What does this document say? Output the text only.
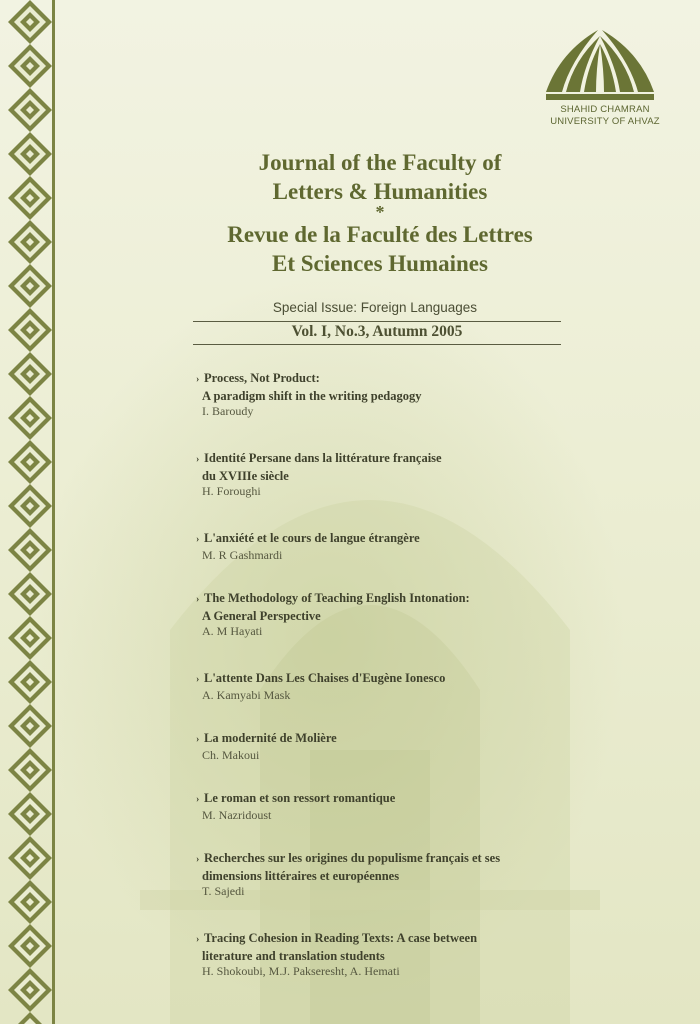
SHAHID CHAMRAN
UNIVERSITY OF AHVAZ
Journal of the Faculty of
Letters & Humanities
*
Revue de la Faculté des Lettres
Et Sciences Humaines
Special Issue: Foreign Languages
Vol. I, No.3, Autumn 2005
› Process, Not Product:
A paradigm shift in the writing pedagogy
I. Baroudy
› Identité Persane dans la littérature française
du XVIIIe siècle
H. Foroughi
› L'anxiété et le cours de langue étrangère
M. R Gashmardi
› The Methodology of Teaching English Intonation:
A General Perspective
A. M Hayati
› L'attente Dans Les Chaises d'Eugène Ionesco
A. Kamyabi Mask
› La modernité de Molière
Ch. Makoui
› Le roman et son ressort romantique
M. Nazridoust
› Recherches sur les origines du populisme français et ses
dimensions littéraires et européennes
T. Sajedi
› Tracing Cohesion in Reading Texts: A case between
literature and translation students
H. Shokoubi, M.J. Pakseresht, A. Hemati
